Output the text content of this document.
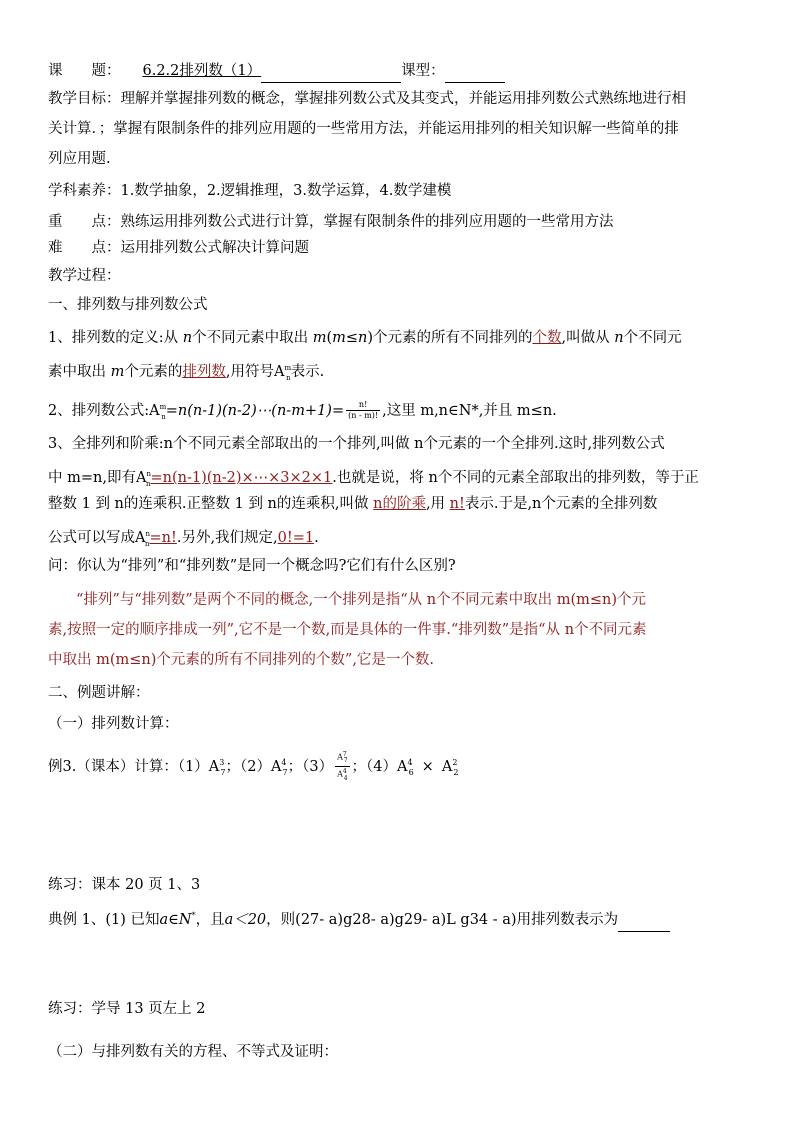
课　　题： 6.2.2排列数（1）	课型：
教学目标：理解并掌握排列数的概念，掌握排列数公式及其变式，并能运用排列数公式熟练地进行相
关计算．；掌握有限制条件的排列应用题的一些常用方法，并能运用排列的相关知识解一些简单的排
列应用题.
学科素养：1.数学抽象，2.逻辑推理，3.数学运算，4.数学建模
重　　点：熟练运用排列数公式进行计算，掌握有限制条件的排列应用题的一些常用方法
难　　点：运用排列数公式解决计算问题
教学过程：
一、排列数与排列数公式
1、排列数的定义:从 n个不同元素中取出 m(m≤n)个元素的所有不同排列的个数,叫做从 n个不同元
素中取出 m个元素的排列数,用符号$A^m_n$表示.
2、排列数公式$:A^m_n=n(n-1)(n-2)\cdots(n-m+1)= \frac{n!}{(n - m)!}$ ,这里 m,n∈N*,并且 m≤n.
3、全排列和阶乘:n个不同元素全部取出的一个排列,叫做 n个元素的一个全排列.这时,排列数公式
中 m=n,即有$A^n_n=n(n-1)(n-2)\times\cdots\times 3\times 2\times 1$.也就是说，将 n个不同的元素全部取出的排列数，等于正
整数 1 到 n的连乘积.正整数 1 到 n的连乘积,叫做 n的阶乘,用 n!表示.于是,n个元素的全排列数
公式可以写成$A^n_n=n$!.另外,我们规定,0!=1.
问：你认为“排列”和“排列数”是同一个概念吗?它们有什么区别?
“排列”与“排列数”是两个不同的概念,一个排列是指“从 n个不同元素中取出 m(m≤n)个元
素,按照一定的顺序排成一列”,它不是一个数,而是具体的一件事.“排列数”是指“从 n个不同元素
中取出 m(m≤n)个元素的所有不同排列的个数”,它是一个数.
二、例题讲解：
（一）排列数计算：
例3.（课本）计算：$(1)A^3_7$；$(2)A^4_7$；$(3) \frac{A^7_7}{A^4_4}$ ；$(4)A^4_6 \times A^2_2$
练习：课本 20 页 1、3
典例 1、(1) 已知a∈N*，且a＜20，则(27- a)g28- a)g29- a)L g34 - a)用排列数表示为
练习：学导 13 页左上 2
（二）与排列数有关的方程、不等式及证明：
